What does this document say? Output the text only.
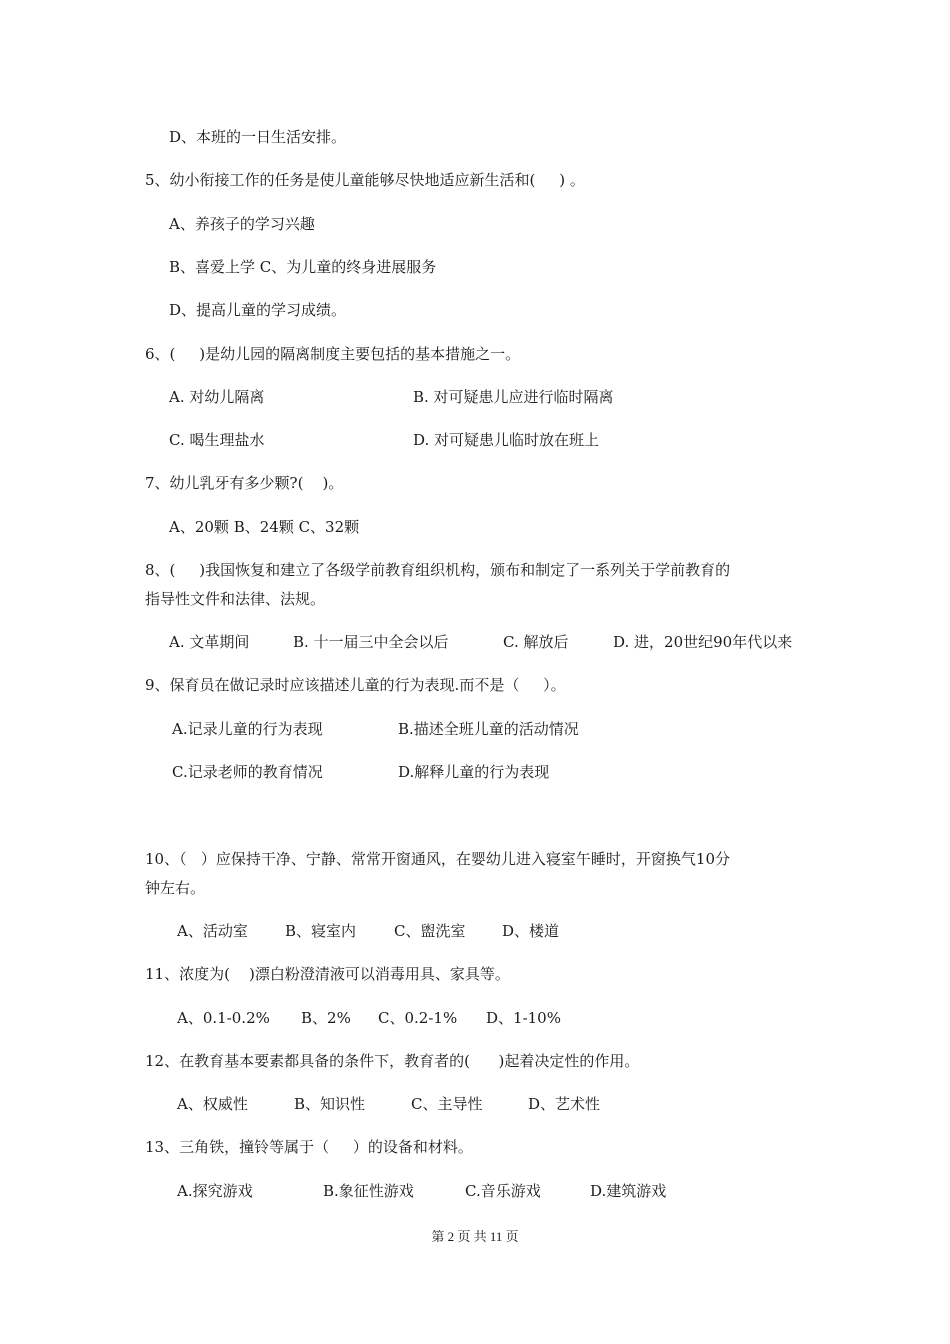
D、本班的一日生活安排。
5、幼小衔接工作的任务是使儿童能够尽快地适应新生活和(     ) 。
A、养孩子的学习兴趣
B、喜爱上学 C、为儿童的终身进展服务
D、提高儿童的学习成绩。
6、(     )是幼儿园的隔离制度主要包括的基本措施之一。
A. 对幼儿隔离	B. 对可疑患儿应进行临时隔离
C. 喝生理盐水	D. 对可疑患儿临时放在班上
7、幼儿乳牙有多少颗?(    )。
A、20颗 B、24颗 C、32颗
8、(     )我国恢复和建立了各级学前教育组织机构，颁布和制定了一系列关于学前教育的
指导性文件和法律、法规。
A. 文革期间	B. 十一届三中全会以后	C. 解放后	D. 进，20世纪90年代以来
9、保育员在做记录时应该描述儿童的行为表现.而不是（     ）。
A.记录儿童的行为表现	B.描述全班儿童的活动情况
C.记录老师的教育情况	D.解释儿童的行为表现
10、（   ）应保持干净、宁静、常常开窗通风，在婴幼儿进入寝室午睡时，开窗换气10分
钟左右。
A、活动室 B、寝室内	C、盥洗室 D、楼道
11、浓度为(    )漂白粉澄清液可以消毒用具、家具等。
A、0.1-0.2% B、2% C、0.2-1% D、1-10%
12、在教育基本要素都具备的条件下，教育者的(      )起着决定性的作用。
A、权威性	B、知识性	C、主导性	D、艺术性
13、三角铁，撞铃等属于（     ）的设备和材料。
A.探究游戏	B.象征性游戏	C.音乐游戏	D.建筑游戏
第 2 页 共 11 页
